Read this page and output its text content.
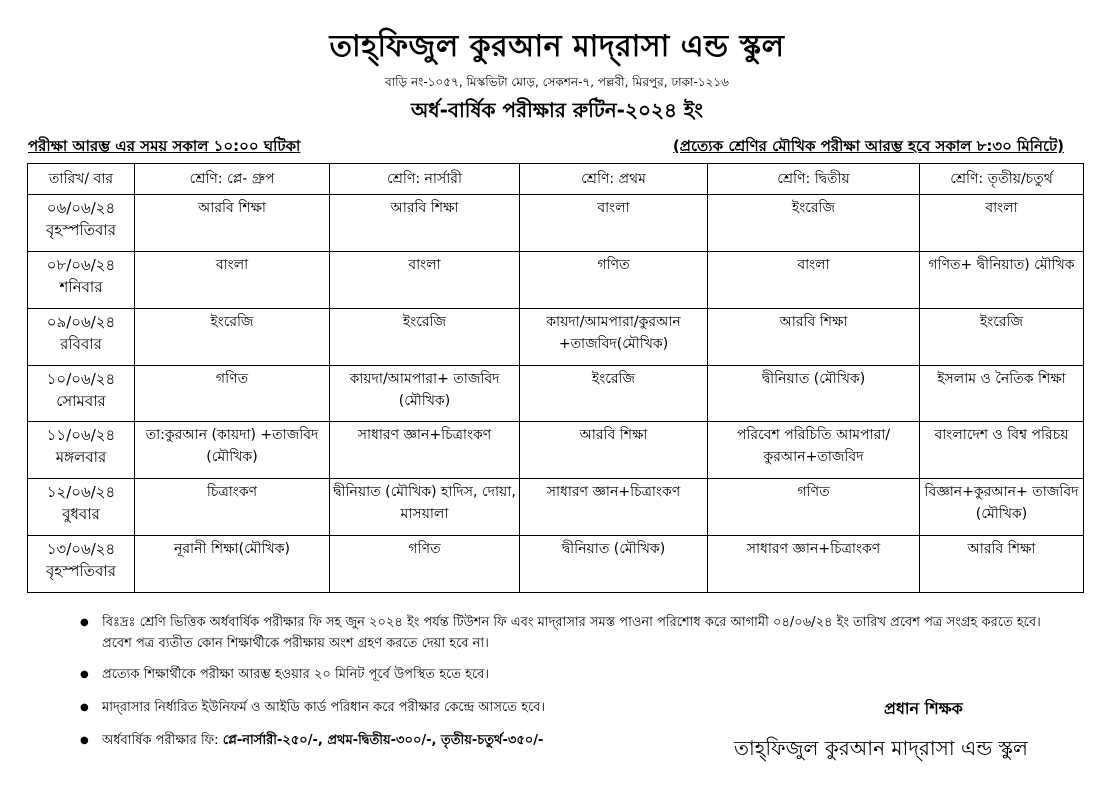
তাহ্‌ফিজুল কুরআন মাদ্‌রাসা এন্ড স্কুল
বাড়ি নং-১০৫৭, মিস্কভিটা মোড়, সেকশন-৭, পল্লবী, মিরপুর, ঢাকা-১২১৬
অর্ধ-বার্ষিক পরীক্ষার রুটিন-২০২৪ ইং
পরীক্ষা আরম্ভ এর সময় সকাল ১০:০০ ঘটিকা	(প্রত্যেক শ্রেণির মৌখিক পরীক্ষা আরম্ভ হবে সকাল ৮:৩০ মিনিটে)
তারিখ/ বার	শ্রেণি: প্লে- গ্রুপ	শ্রেণি: নার্সারী	শ্রেণি: প্রথম	শ্রেণি: দ্বিতীয়	শ্রেণি: তৃতীয়/চতুর্থ

০৬/০৬/২৪
বৃহস্পতিবার	আরবি শিক্ষা	আরবি শিক্ষা	বাংলা	ইংরেজি	বাংলা

০৮/০৬/২৪
শনিবার	বাংলা	বাংলা	গণিত	বাংলা	গণিত+ দ্বীনিয়াত) মৌখিক

০৯/০৬/২৪
রবিবার	ইংরেজি	ইংরেজি	কায়দা/আমপারা/কুরআন +তাজবিদ(মৌখিক)	আরবি শিক্ষা	ইংরেজি

১০/০৬/২৪
সোমবার	গণিত	কায়দা/আমপারা+ তাজবিদ (মৌখিক)	ইংরেজি	দ্বীনিয়াত (মৌখিক)	ইসলাম ও নৈতিক শিক্ষা

১১/০৬/২৪
মঙ্গলবার	তা:কুরআন (কায়দা) +তাজবিদ (মৌখিক)	সাধারণ জ্ঞান+চিত্রাংকণ	আরবি শিক্ষা	পরিবেশ পরিচিতি আমপারা/কুরআন+তাজবিদ	বাংলাদেশ ও বিশ্ব পরিচয়

১২/০৬/২৪
বুধবার	চিত্রাংকণ	দ্বীনিয়াত (মৌখিক) হাদিস, দোয়া, মাসয়ালা	সাধারণ জ্ঞান+চিত্রাংকণ	গণিত	বিজ্ঞান+কুরআন+ তাজবিদ (মৌখিক)

১৩/০৬/২৪
বৃহস্পতিবার	নূরানী শিক্ষা(মৌখিক)	গণিত	দ্বীনিয়াত (মৌখিক)	সাধারণ জ্ঞান+চিত্রাংকণ	আরবি শিক্ষা
● বিঃদ্রঃ শ্রেণি ভিত্তিক অর্ধবার্ষিক পরীক্ষার ফি সহ জুন ২০২৪ ইং পর্যন্ত টিউশন ফি এবং মাদ্‌রাসার সমস্ত পাওনা পরিশোধ করে আগামী ০৪/০৬/২৪ ইং তারিখ প্রবেশ পত্র সংগ্রহ করতে হবে। প্রবেশ পত্র ব্যতীত কোন শিক্ষার্থীকে পরীক্ষায় অংশ গ্রহণ করতে দেয়া হবে না।
● প্রত্যেক শিক্ষার্থীকে পরীক্ষা আরম্ভ হওয়ার ২০ মিনিট পূর্বে উপস্থিত হতে হবে।
● মাদ্‌রাসার নির্ধারিত ইউনিফর্ম ও আইডি কার্ড পরিধান করে পরীক্ষার কেন্দ্রে আসতে হবে।
● অর্ধবার্ষিক পরীক্ষার ফি: প্লে-নার্সারী-২৫০/-, প্রথম-দ্বিতীয়-৩০০/-, তৃতীয়-চতুর্থ-৩৫০/-
প্রধান শিক্ষক
তাহ্‌ফিজুল কুরআন মাদ্‌রাসা এন্ড স্কুল
